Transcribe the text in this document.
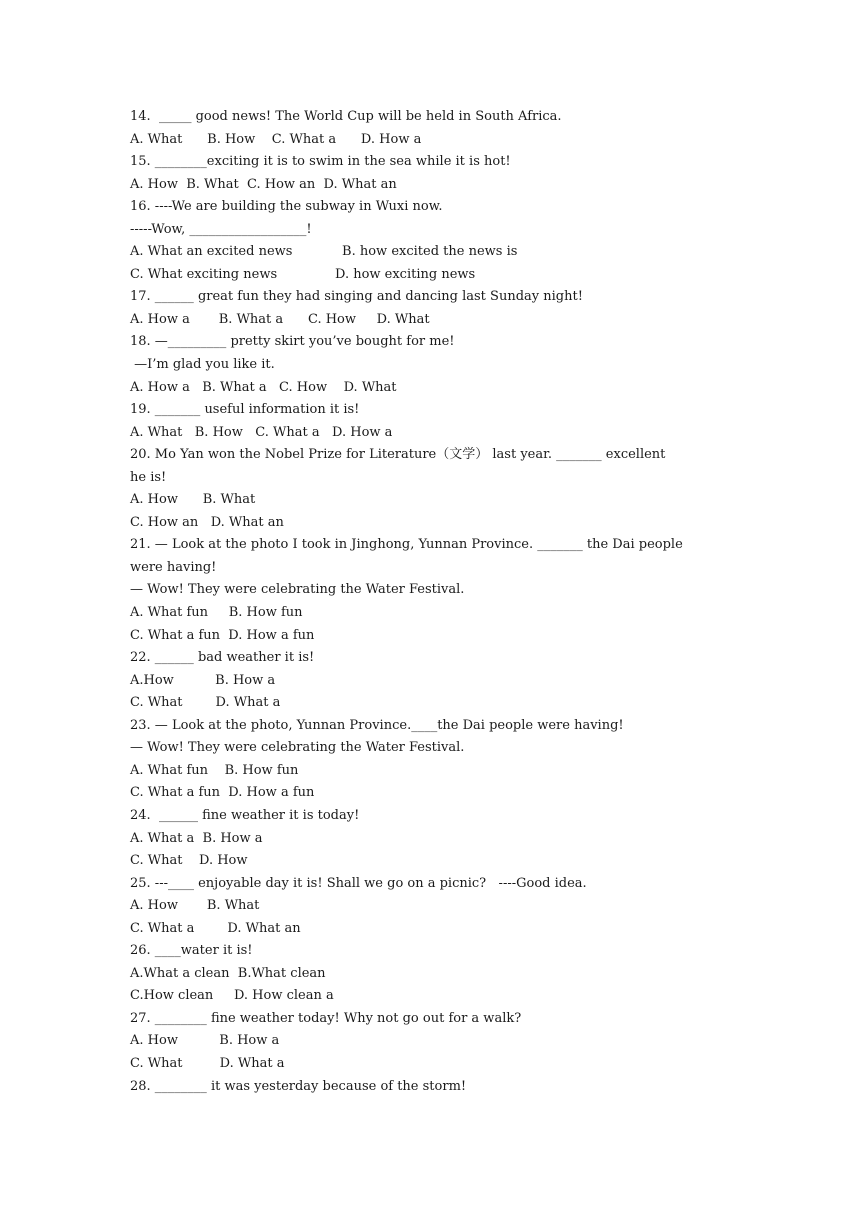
14.  _____ good news! The World Cup will be held in South Africa.
A. What      B. How    C. What a      D. How a
15. ________exciting it is to swim in the sea while it is hot!
A. How  B. What  C. How an  D. What an
16. ----We are building the subway in Wuxi now.
-----Wow, __________________!
A. What an excited news            B. how excited the news is
C. What exciting news              D. how exciting news
17. ______ great fun they had singing and dancing last Sunday night!
A. How a       B. What a      C. How     D. What
18. —_________ pretty skirt you’ve bought for me!
—I’m glad you like it.
A. How a   B. What a   C. How    D. What
19. _______ useful information it is!
A. What   B. How   C. What a   D. How a
20. Mo Yan won the Nobel Prize for Literature（文学） last year. _______ excellent
he is!
A. How      B. What
C. How an   D. What an
21. — Look at the photo I took in Jinghong, Yunnan Province. _______ the Dai people
were having!
— Wow! They were celebrating the Water Festival.
A. What fun     B. How fun
C. What a fun  D. How a fun
22. ______ bad weather it is!
A.How          B. How a
C. What        D. What a
23. — Look at the photo, Yunnan Province.____the Dai people were having!
— Wow! They were celebrating the Water Festival.
A. What fun    B. How fun
C. What a fun  D. How a fun
24.  ______ fine weather it is today!
A. What a  B. How a
C. What    D. How
25. ---____ enjoyable day it is! Shall we go on a picnic?   ----Good idea.
A. How       B. What
C. What a        D. What an
26. ____water it is!
A.What a clean  B.What clean
C.How clean     D. How clean a
27. ________ fine weather today! Why not go out for a walk?
A. How          B. How a
C. What         D. What a
28. ________ it was yesterday because of the storm!
